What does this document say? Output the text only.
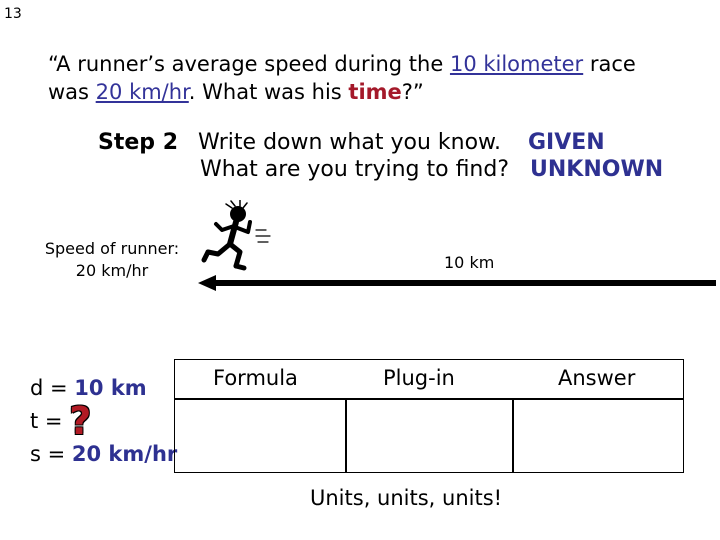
13
“A runner’s average speed during the 10 kilometer race
was 20 km/hr. What was his time?”
Step 2 Write down what you know.
What are you trying to find?
GIVEN
UNKNOWN
Speed of runner:
20 km/hr	10 km
d = 10 km
t = ?
s = 20 km/hr
Formula	Plug-in	Answer
Units, units, units!
